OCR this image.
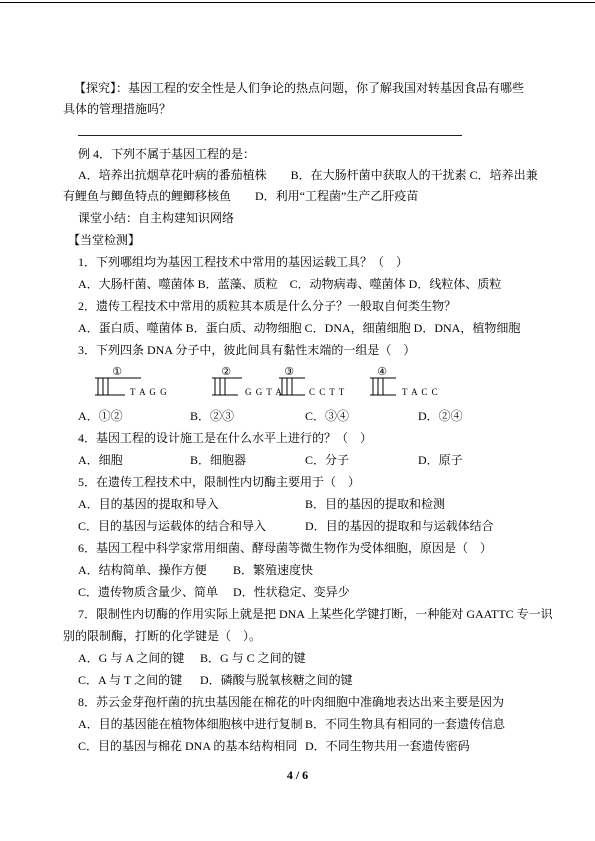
【探究】：基因工程的安全性是人们争论的热点问题，你了解我国对转基因食品有哪些
具体的管理措施吗？
例 4．下列不属于基因工程的是：
A．培养出抗烟草花叶病的番茄植株　　B．在大肠杆菌中获取人的干扰素 C．培养出兼
有鲤鱼与鲫鱼特点的鲤鲫移核鱼　　D．利用“工程菌”生产乙肝疫苗
课堂小结：自主构建知识网络
【当堂检测】
1．下列哪组均为基因工程技术中常用的基因运载工具？（　）
A．大肠杆菌、噬菌体 B．蓝藻、质粒　C．动物病毒、噬菌体 D．线粒体、质粒
2．遗传工程技术中常用的质粒其本质是什么分子？一般取自何类生物？
A．蛋白质、噬菌体 B．蛋白质、动物细胞 C．DNA，细菌细胞 D．DNA，植物细胞
3．下列四条 DNA 分子中，彼此间具有黏性末端的一组是（　）
①
T A G G
②
G G T A
③
C C T T
④
T A C C
A．①②	B．②③	C．③④	D．②④
4．基因工程的设计施工是在什么水平上进行的？（　）
A．细胞	B．细胞器	C．分子	D．原子
5．在遗传工程技术中，限制性内切酶主要用于（　）
A．目的基因的提取和导入	B．目的基因的提取和检测
C．目的基因与运载体的结合和导入	D．目的基因的提取和与运载体结合
6．基因工程中科学家常用细菌、酵母菌等微生物作为受体细胞，原因是（　）
A．结构简单、操作方便 B．繁殖速度快
C．遗传物质含量少、简单 D．性状稳定、变异少
7．限制性内切酶的作用实际上就是把 DNA 上某些化学键打断，一种能对 GAATTC 专一识
别的限制酶，打断的化学键是（　）。
A．G 与 A 之间的键 B．G 与 C 之间的键
C．A 与 T 之间的键 D．磷酸与脱氧核糖之间的键
8．苏云金芽孢杆菌的抗虫基因能在棉花的叶肉细胞中准确地表达出来主要是因为
A．目的基因能在植物体细胞核中进行复制 B．不同生物具有相同的一套遗传信息
C．目的基因与棉花 DNA 的基本结构相同 D．不同生物共用一套遗传密码
4 / 6
